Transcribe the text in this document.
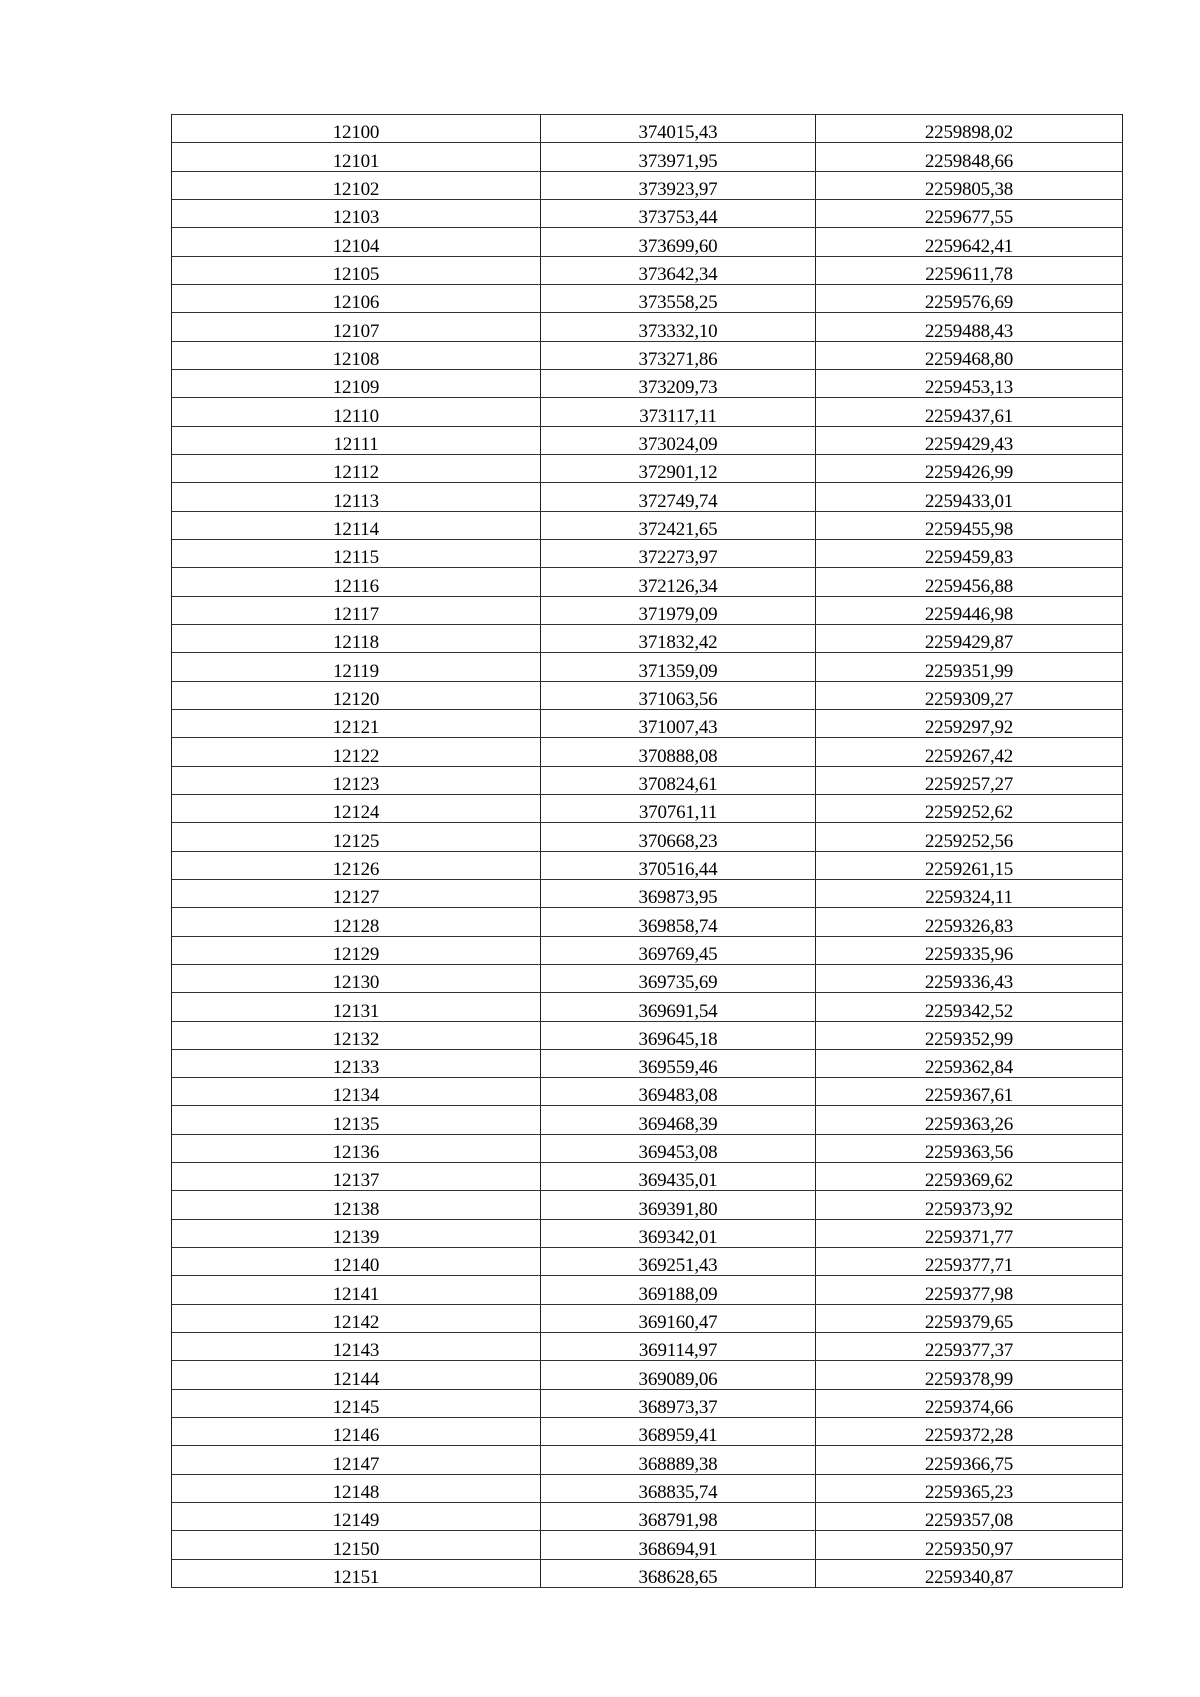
12100	374015,43	2259898,02
12101	373971,95	2259848,66
12102	373923,97	2259805,38
12103	373753,44	2259677,55
12104	373699,60	2259642,41
12105	373642,34	2259611,78
12106	373558,25	2259576,69
12107	373332,10	2259488,43
12108	373271,86	2259468,80
12109	373209,73	2259453,13
12110	373117,11	2259437,61
12111	373024,09	2259429,43
12112	372901,12	2259426,99
12113	372749,74	2259433,01
12114	372421,65	2259455,98
12115	372273,97	2259459,83
12116	372126,34	2259456,88
12117	371979,09	2259446,98
12118	371832,42	2259429,87
12119	371359,09	2259351,99
12120	371063,56	2259309,27
12121	371007,43	2259297,92
12122	370888,08	2259267,42
12123	370824,61	2259257,27
12124	370761,11	2259252,62
12125	370668,23	2259252,56
12126	370516,44	2259261,15
12127	369873,95	2259324,11
12128	369858,74	2259326,83
12129	369769,45	2259335,96
12130	369735,69	2259336,43
12131	369691,54	2259342,52
12132	369645,18	2259352,99
12133	369559,46	2259362,84
12134	369483,08	2259367,61
12135	369468,39	2259363,26
12136	369453,08	2259363,56
12137	369435,01	2259369,62
12138	369391,80	2259373,92
12139	369342,01	2259371,77
12140	369251,43	2259377,71
12141	369188,09	2259377,98
12142	369160,47	2259379,65
12143	369114,97	2259377,37
12144	369089,06	2259378,99
12145	368973,37	2259374,66
12146	368959,41	2259372,28
12147	368889,38	2259366,75
12148	368835,74	2259365,23
12149	368791,98	2259357,08
12150	368694,91	2259350,97
12151	368628,65	2259340,87
